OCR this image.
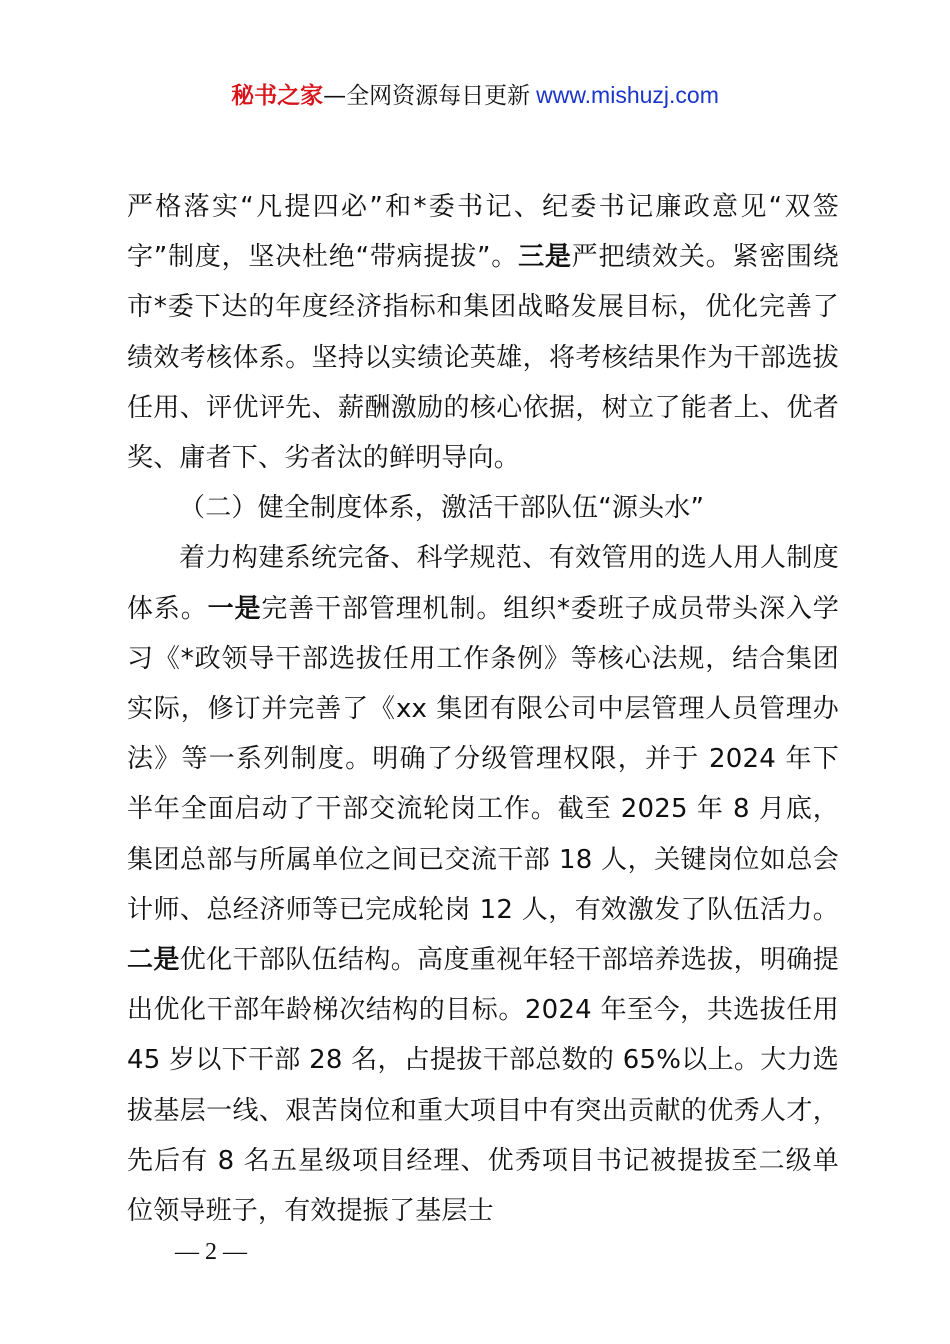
秘书之家—全网资源每日更新 www.mishuzj.com

严格落实“凡提四必”和*委书记、纪委书记廉政意见“双签字”制度，坚决杜绝“带病提拔”。三是严把绩效关。紧密围绕市*委下达的年度经济指标和集团战略发展目标，优化完善了绩效考核体系。坚持以实绩论英雄，将考核结果作为干部选拔任用、评优评先、薪酬激励的核心依据，树立了能者上、优者奖、庸者下、劣者汰的鲜明导向。

（二）健全制度体系，激活干部队伍“源头水”

着力构建系统完备、科学规范、有效管用的选人用人制度体系。一是完善干部管理机制。组织*委班子成员带头深入学习《*政领导干部选拔任用工作条例》等核心法规，结合集团实际，修订并完善了《xx 集团有限公司中层管理人员管理办法》等一系列制度。明确了分级管理权限，并于 2024 年下半年全面启动了干部交流轮岗工作。截至 2025 年 8 月底，集团总部与所属单位之间已交流干部 18 人，关键岗位如总会计师、总经济师等已完成轮岗 12 人，有效激发了队伍活力。二是优化干部队伍结构。高度重视年轻干部培养选拔，明确提出优化干部年龄梯次结构的目标。2024 年至今，共选拔任用 45 岁以下干部 28 名，占提拔干部总数的 65%以上。大力选拔基层一线、艰苦岗位和重大项目中有突出贡献的优秀人才，先后有 8 名五星级项目经理、优秀项目书记被提拔至二级单位领导班子，有效提振了基层士

— 2 —
